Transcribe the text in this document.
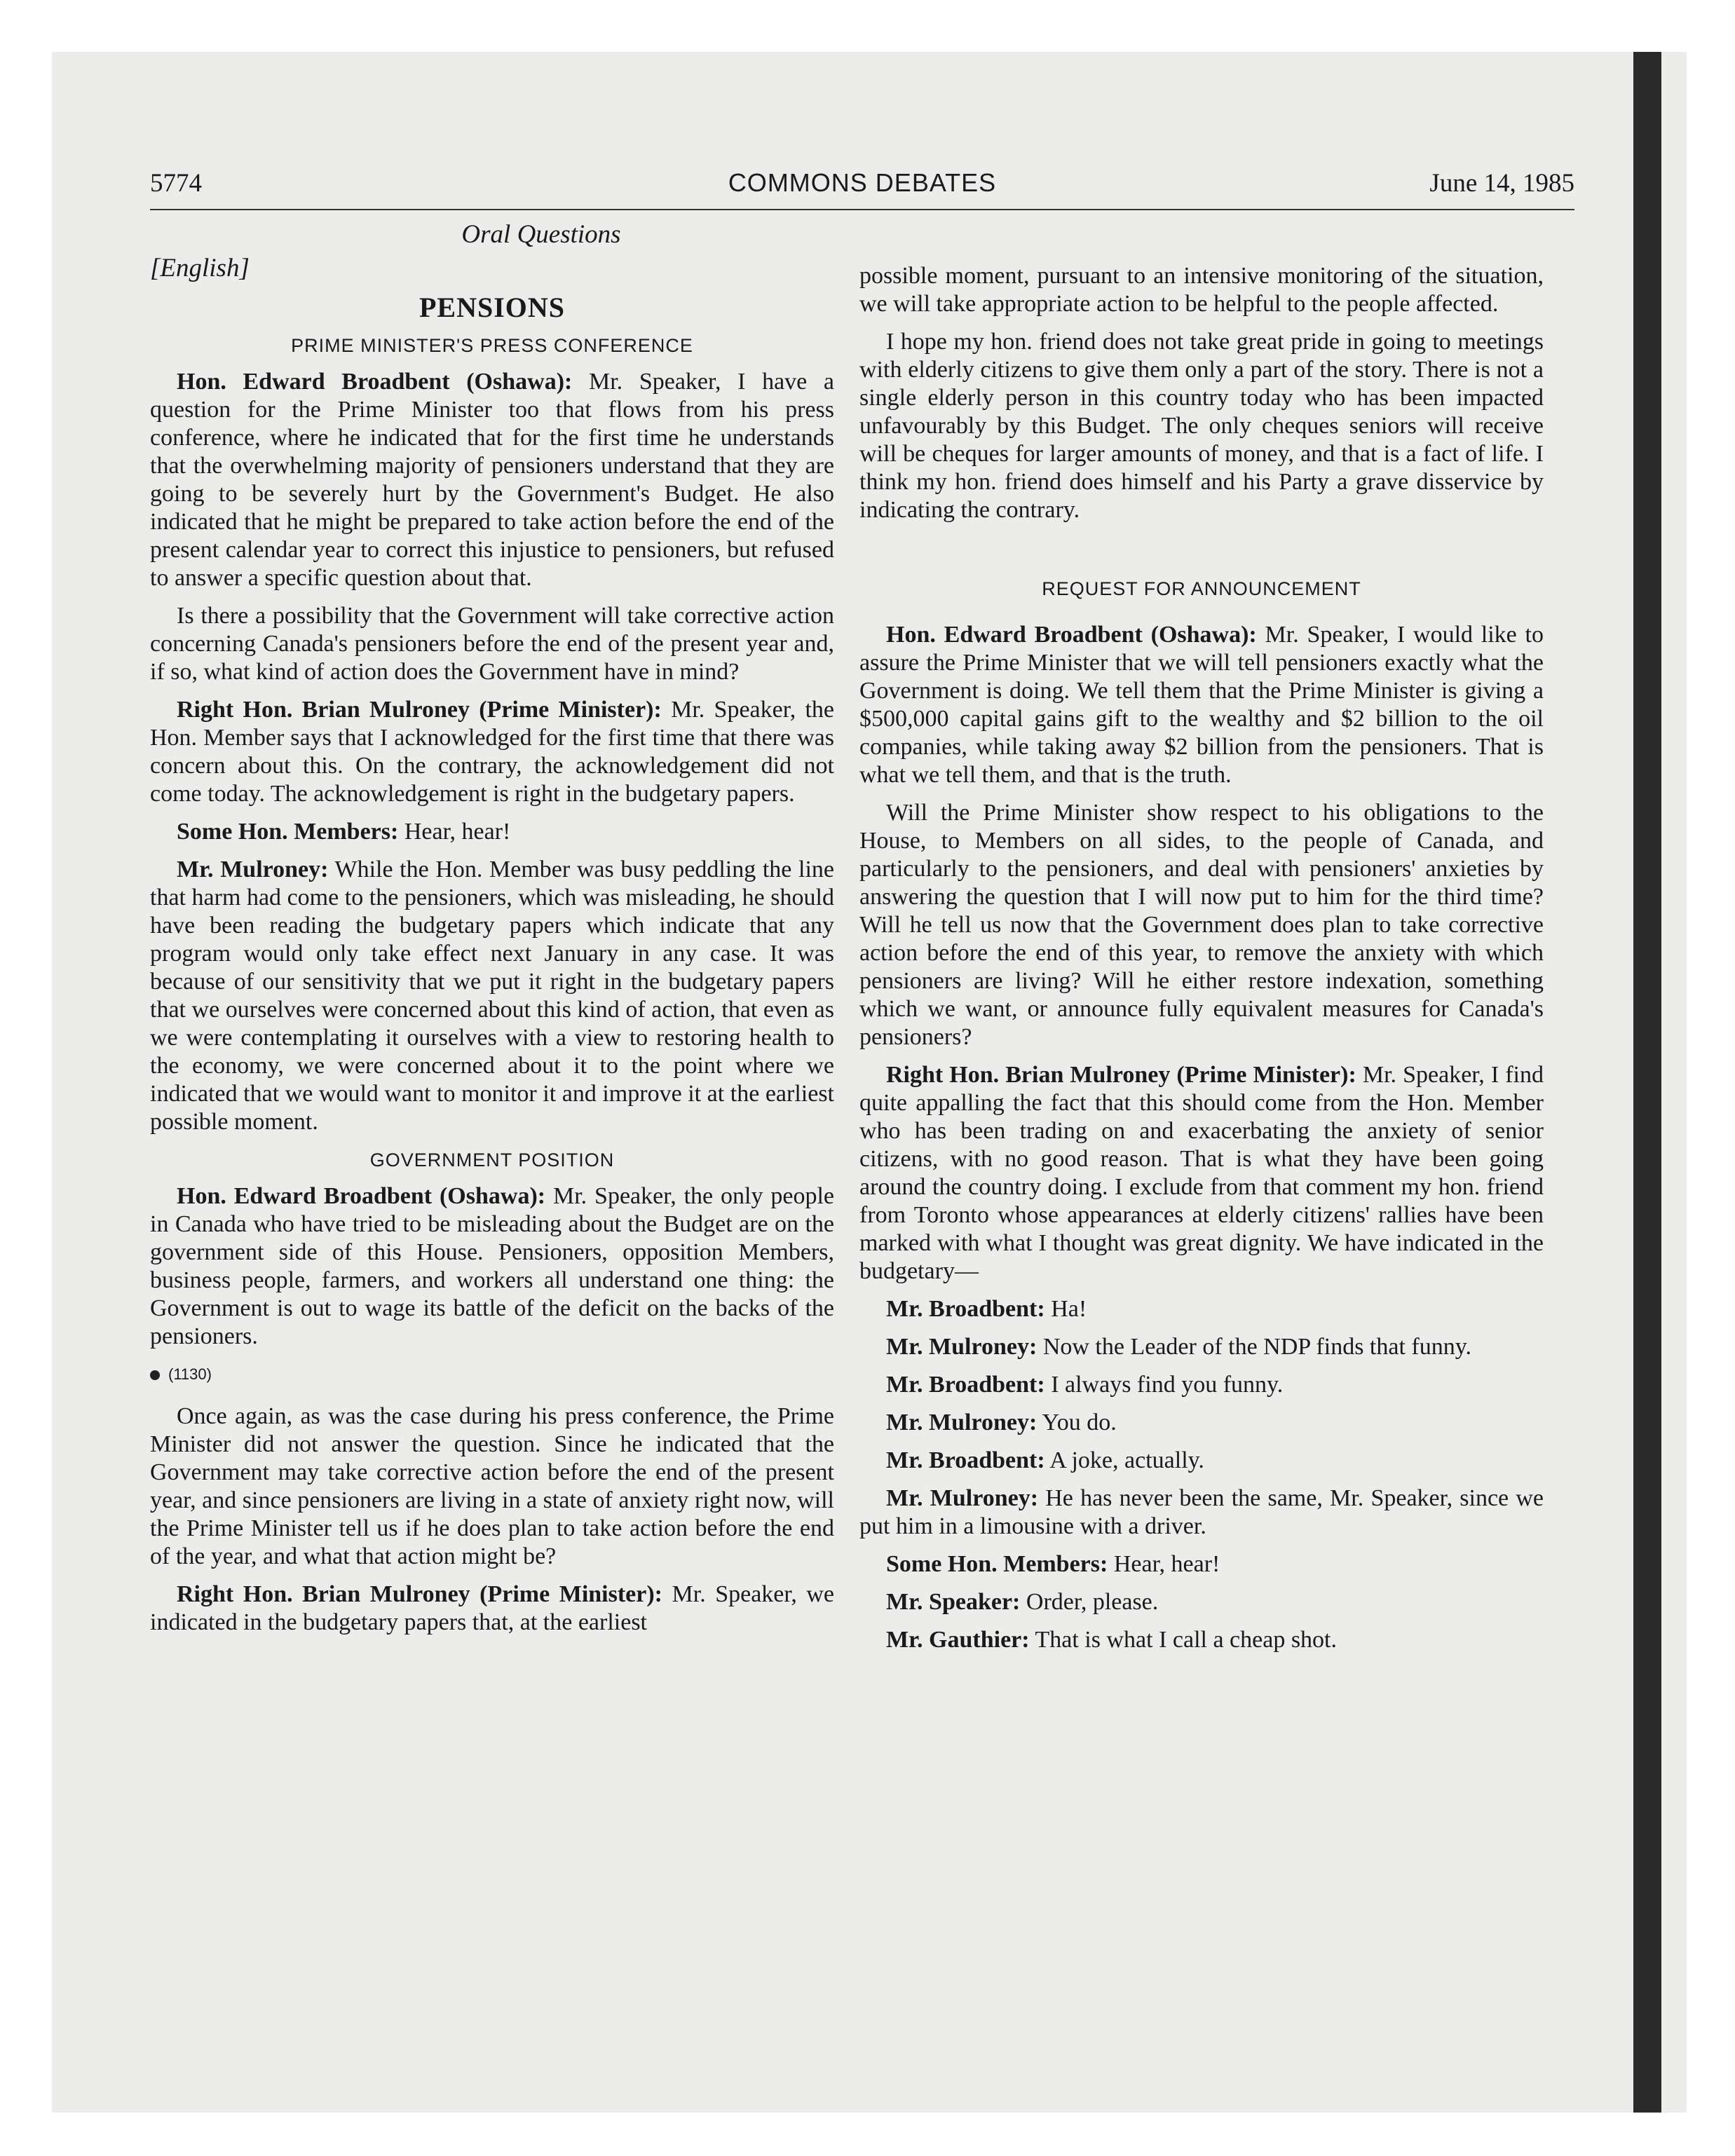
5774	COMMONS DEBATES	June 14, 1985
Oral Questions
[English]
PENSIONS
PRIME MINISTER'S PRESS CONFERENCE

Hon. Edward Broadbent (Oshawa): Mr. Speaker, I have a question for the Prime Minister too that flows from his press conference, where he indicated that for the first time he understands that the overwhelming majority of pensioners understand that they are going to be severely hurt by the Government's Budget. He also indicated that he might be prepared to take action before the end of the present calendar year to correct this injustice to pensioners, but refused to answer a specific question about that.

Is there a possibility that the Government will take corrective action concerning Canada's pensioners before the end of the present year and, if so, what kind of action does the Government have in mind?

Right Hon. Brian Mulroney (Prime Minister): Mr. Speaker, the Hon. Member says that I acknowledged for the first time that there was concern about this. On the contrary, the acknowledgement did not come today. The acknowledgement is right in the budgetary papers.

Some Hon. Members: Hear, hear!

Mr. Mulroney: While the Hon. Member was busy peddling the line that harm had come to the pensioners, which was misleading, he should have been reading the budgetary papers which indicate that any program would only take effect next January in any case. It was because of our sensitivity that we put it right in the budgetary papers that we ourselves were concerned about this kind of action, that even as we were contemplating it ourselves with a view to restoring health to the economy, we were concerned about it to the point where we indicated that we would want to monitor it and improve it at the earliest possible moment.

GOVERNMENT POSITION

Hon. Edward Broadbent (Oshawa): Mr. Speaker, the only people in Canada who have tried to be misleading about the Budget are on the government side of this House. Pensioners, opposition Members, business people, farmers, and workers all understand one thing: the Government is out to wage its battle of the deficit on the backs of the pensioners.

(1130)

Once again, as was the case during his press conference, the Prime Minister did not answer the question. Since he indicated that the Government may take corrective action before the end of the present year, and since pensioners are living in a state of anxiety right now, will the Prime Minister tell us if he does plan to take action before the end of the year, and what that action might be?

Right Hon. Brian Mulroney (Prime Minister): Mr. Speaker, we indicated in the budgetary papers that, at the earliest

possible moment, pursuant to an intensive monitoring of the situation, we will take appropriate action to be helpful to the people affected.

I hope my hon. friend does not take great pride in going to meetings with elderly citizens to give them only a part of the story. There is not a single elderly person in this country today who has been impacted unfavourably by this Budget. The only cheques seniors will receive will be cheques for larger amounts of money, and that is a fact of life. I think my hon. friend does himself and his Party a grave disservice by indicating the contrary.

REQUEST FOR ANNOUNCEMENT

Hon. Edward Broadbent (Oshawa): Mr. Speaker, I would like to assure the Prime Minister that we will tell pensioners exactly what the Government is doing. We tell them that the Prime Minister is giving a $500,000 capital gains gift to the wealthy and $2 billion to the oil companies, while taking away $2 billion from the pensioners. That is what we tell them, and that is the truth.

Will the Prime Minister show respect to his obligations to the House, to Members on all sides, to the people of Canada, and particularly to the pensioners, and deal with pensioners' anxieties by answering the question that I will now put to him for the third time? Will he tell us now that the Government does plan to take corrective action before the end of this year, to remove the anxiety with which pensioners are living? Will he either restore indexation, something which we want, or announce fully equivalent measures for Canada's pensioners?

Right Hon. Brian Mulroney (Prime Minister): Mr. Speaker, I find quite appalling the fact that this should come from the Hon. Member who has been trading on and exacerbating the anxiety of senior citizens, with no good reason. That is what they have been going around the country doing. I exclude from that comment my hon. friend from Toronto whose appearances at elderly citizens' rallies have been marked with what I thought was great dignity. We have indicated in the budgetary—

Mr. Broadbent: Ha!

Mr. Mulroney: Now the Leader of the NDP finds that funny.

Mr. Broadbent: I always find you funny.

Mr. Mulroney: You do.

Mr. Broadbent: A joke, actually.

Mr. Mulroney: He has never been the same, Mr. Speaker, since we put him in a limousine with a driver.

Some Hon. Members: Hear, hear!

Mr. Speaker: Order, please.

Mr. Gauthier: That is what I call a cheap shot.
